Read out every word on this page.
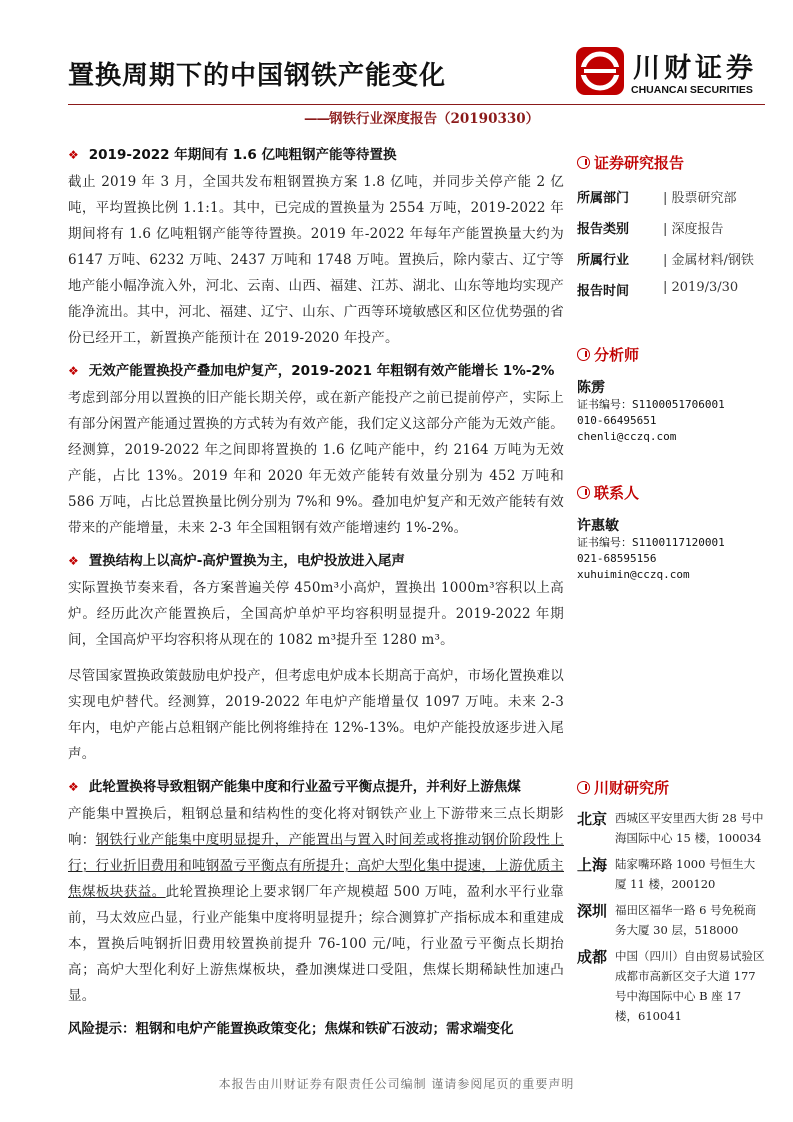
置换周期下的中国钢铁产能变化	川财证券
CHUANCAI SECURITIES
——钢铁行业深度报告（20190330）
❖ 2019-2022 年期间有 1.6 亿吨粗钢产能等待置换

截止 2019 年 3 月，全国共发布粗钢置换方案 1.8 亿吨，并同步关停产能 2 亿吨，平均置换比例 1.1:1。其中，已完成的置换量为 2554 万吨，2019-2022 年期间将有 1.6 亿吨粗钢产能等待置换。2019 年-2022 年每年产能置换量大约为 6147 万吨、6232 万吨、2437 万吨和 1748 万吨。置换后，除内蒙古、辽宁等地产能小幅净流入外，河北、云南、山西、福建、江苏、湖北、山东等地均实现产能净流出。其中，河北、福建、辽宁、山东、广西等环境敏感区和区位优势强的省份已经开工，新置换产能预计在 2019-2020 年投产。

❖ 无效产能置换投产叠加电炉复产，2019-2021 年粗钢有效产能增长 1%-2%

考虑到部分用以置换的旧产能长期关停，或在新产能投产之前已提前停产，实际上有部分闲置产能通过置换的方式转为有效产能，我们定义这部分产能为无效产能。经测算，2019-2022 年之间即将置换的 1.6 亿吨产能中，约 2164 万吨为无效产能，占比 13%。2019 年和 2020 年无效产能转有效量分别为 452 万吨和 586 万吨，占比总置换量比例分别为 7%和 9%。叠加电炉复产和无效产能转有效带来的产能增量，未来 2-3 年全国粗钢有效产能增速约 1%-2%。

❖ 置换结构上以高炉-高炉置换为主，电炉投放进入尾声

实际置换节奏来看，各方案普遍关停 450m³小高炉，置换出 1000m³容积以上高炉。经历此次产能置换后，全国高炉单炉平均容积明显提升。2019-2022 年期间，全国高炉平均容积将从现在的 1082 m³提升至 1280 m³。

尽管国家置换政策鼓励电炉投产，但考虑电炉成本长期高于高炉，市场化置换难以实现电炉替代。经测算，2019-2022 年电炉产能增量仅 1097 万吨。未来 2-3 年内，电炉产能占总粗钢产能比例将维持在 12%-13%。电炉产能投放逐步进入尾声。

❖ 此轮置换将导致粗钢产能集中度和行业盈亏平衡点提升，并利好上游焦煤

产能集中置换后，粗钢总量和结构性的变化将对钢铁产业上下游带来三点长期影响：钢铁行业产能集中度明显提升，产能置出与置入时间差或将推动钢价阶段性上行；行业折旧费用和吨钢盈亏平衡点有所提升；高炉大型化集中提速，上游优质主焦煤板块获益。此轮置换理论上要求钢厂年产规模超 500 万吨，盈利水平行业靠前，马太效应凸显，行业产能集中度将明显提升；综合测算扩产指标成本和重建成本，置换后吨钢折旧费用较置换前提升 76-100 元/吨，行业盈亏平衡点长期抬高；高炉大型化利好上游焦煤板块，叠加澳煤进口受阻，焦煤长期稀缺性加速凸显。

风险提示：粗钢和电炉产能置换政策变化；焦煤和铁矿石波动；需求端变化
证券研究报告
所属部门	| 股票研究部
报告类别	| 深度报告
所属行业	| 金属材料/钢铁
报告时间	| 2019/3/30
分析师
陈雳
证书编号：S1100051706001
010-66495651
chenli@cczq.com
联系人
许惠敏
证书编号：S1100117120001
021-68595156
xuhuimin@cczq.com
川财研究所
北京 西城区平安里西大街 28 号中海国际中心 15 楼，100034
上海 陆家嘴环路 1000 号恒生大厦 11 楼，200120
深圳 福田区福华一路 6 号免税商务大厦 30 层，518000
成都 中国（四川）自由贸易试验区成都市高新区交子大道 177 号中海国际中心 B 座 17 楼，610041
本报告由川财证券有限责任公司编制 谨请参阅尾页的重要声明
